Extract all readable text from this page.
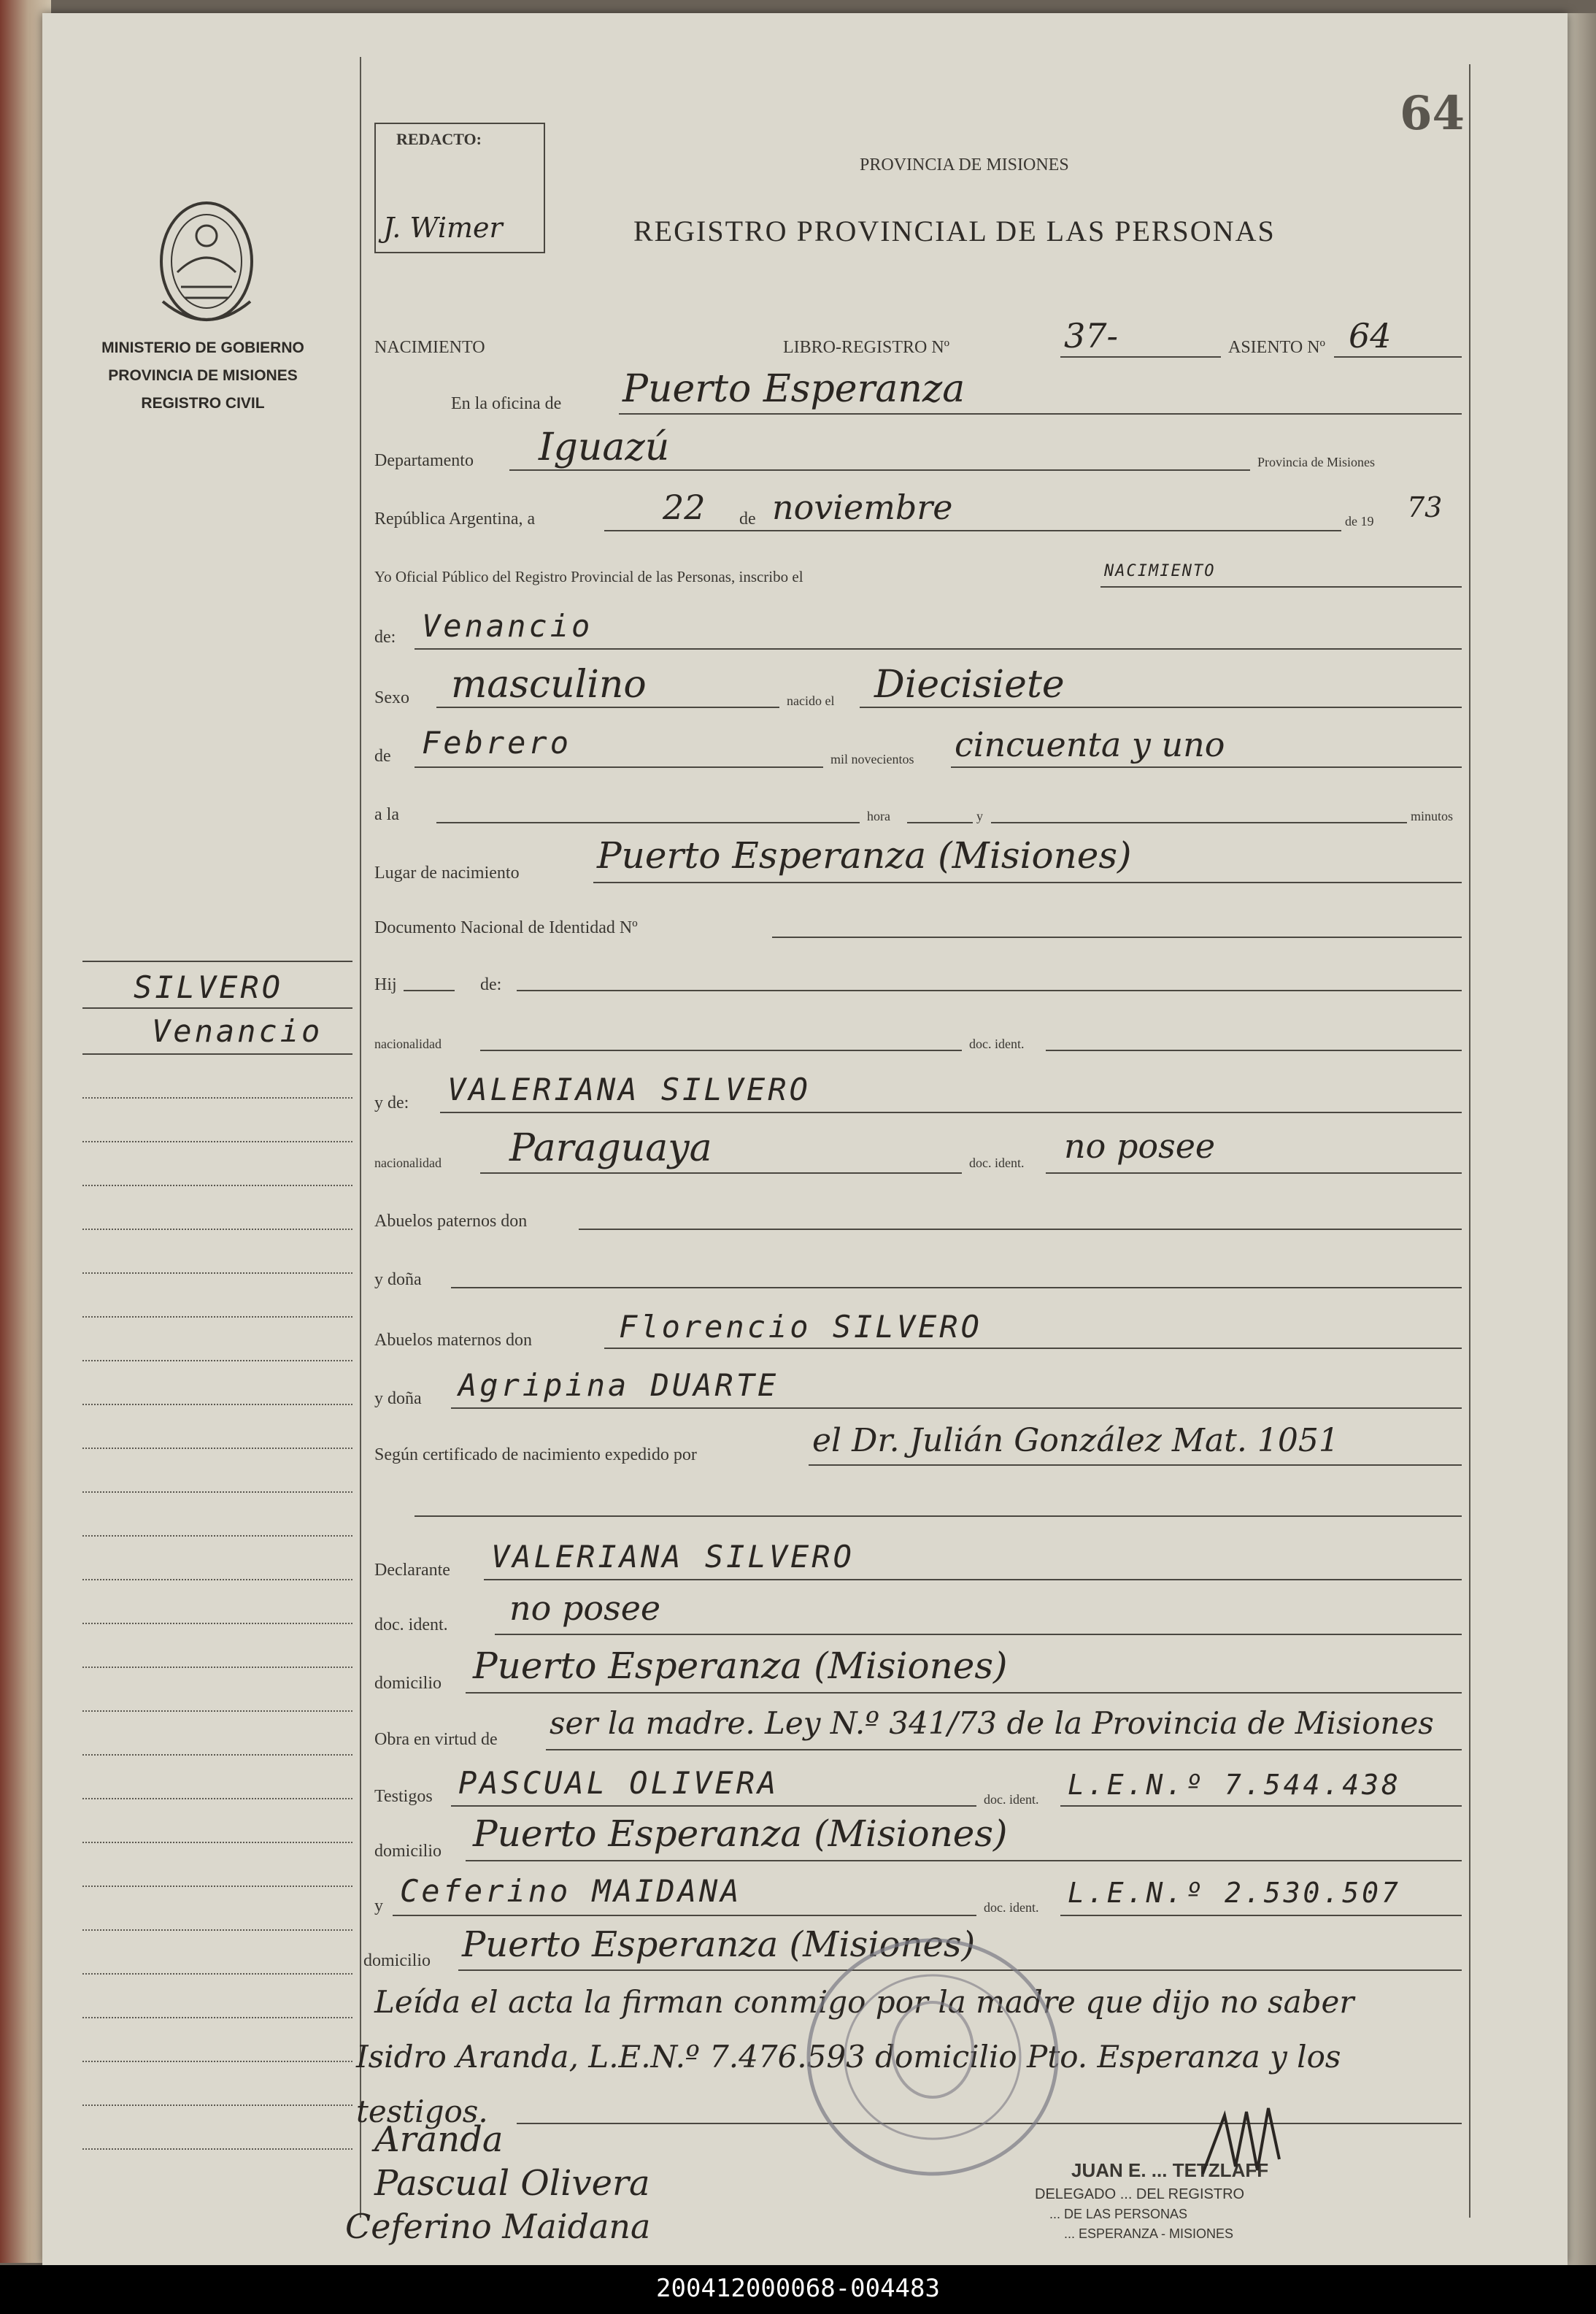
64
REDACTO:
J. Wimer
PROVINCIA DE MISIONES
REGISTRO PROVINCIAL DE LAS PERSONAS
MINISTERIO DE GOBIERNO
PROVINCIA DE MISIONES
REGISTRO CIVIL
SILVERO
Venancio
NACIMIENTO	LIBRO-REGISTRO Nº	37-	ASIENTO Nº 64
En la oficina de Puerto Esperanza
Departamento Iguazú	Provincia de Misiones
República Argentina, a	22 de noviembre	de 19 73
Yo Oficial Público del Registro Provincial de las Personas, inscribo el	NACIMIENTO
de: Venancio
Sexo masculino	nacido el Diecisiete
de Febrero	mil novecientos cincuenta y uno
a la	hora	y	minutos
Lugar de nacimiento Puerto Esperanza (Misiones)
Documento Nacional de Identidad Nº
Hij	de:
nacionalidad	doc. ident.
y de: VALERIANA SILVERO
nacionalidad Paraguaya	doc. ident. no posee
Abuelos paternos don
y doña
Abuelos maternos don	Florencio SILVERO
y doña Agripina DUARTE
Según certificado de nacimiento expedido por	el Dr. Julián González Mat. 1051
Declarante VALERIANA SILVERO
doc. ident. no posee
domicilio Puerto Esperanza (Misiones)
Obra en virtud de ser la madre. Ley N.º 341/73 de la Provincia de Misiones
Testigos PASCUAL OLIVERA	doc. ident. L.E.N.º 7.544.438
domicilio Puerto Esperanza (Misiones)
y Ceferino MAIDANA	doc. ident. L.E.N.º 2.530.507
domicilio Puerto Esperanza (Misiones)
Leída el acta la firman conmigo por la madre que dijo no saber
Isidro Aranda, L.E.N.º 7.476.593 domicilio Pto. Esperanza y los
testigos.
Aranda
Pascual Olivera
Ceferino Maidana
JUAN E. ... TETZLAFF
DELEGADO ... DEL REGISTRO
... DE LAS PERSONAS
... ESPERANZA - MISIONES
200412000068-004483
